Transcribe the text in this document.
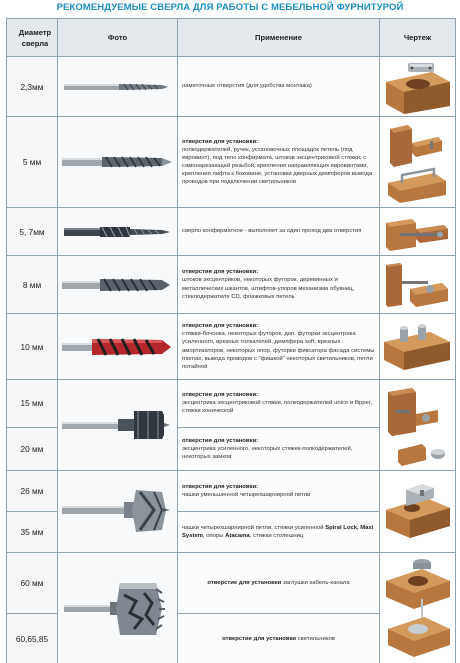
РЕКОМЕНДУЕМЫЕ СВЕРЛА ДЛЯ РАБОТЫ С МЕБЕЛЬНОЙ ФУРНИТУРОЙ
Диаметр
сверла	Фото	Применение	Чертеж
2,3мм		наметочные отверстия (для удобства монтажа)	

5 мм		отверстия для установки:
полкодержателей, ручек, установочных площадок петель (под евровинт), под тело конфирмата, штоков эксцентриковой стяжки, с самонарезающей резьбой, крепления направляющих евровинтами, крепления лифта к боковине, установки дверных демпферов вывода проводов при подключении светильников	

5, 7мм		сверло конфирматное - выполняет за один проход два отверстия	

8 мм		отверстия для установки:
штоков эксцентриков, некоторых футорок, деревянных и металлических шкантов, штифтов-упоров механизма обувниц, стеклодержателя CD, флажковых петель	

10 мм		отверстия для установки:
стяжки-бочонка, некоторых футорок, доп. футорки эксцентрика усиленного, врезных толкателей, демпфера soft, врезных амортизаторов, некоторых опор, футорки фиксатора фасада системы triomax, вывода проводов с "фишкой" некоторых светильников, петли потайной	

15 мм		отверстия для установки:
эксцентрика эксцентриковой стяжки, полкодержателей unico и flipper, стяжки конической	

20 мм		отверстия для установки:
эксцентрика усиленного, некоторых стяжек-полкодержателей, некоторых замков	
26 мм		отверстия для установки:
чашки уменьшенной четырехшарнирной петли	

35 мм		чашки четырехшарнирной петли, стяжки усиленной Spiral Lock, Maxi System, опоры Atacama, стяжки столешниц	
60 мм		отверстие для установки заглушки кабель-канала	

60,65,85		отверстие для установки светильников	
